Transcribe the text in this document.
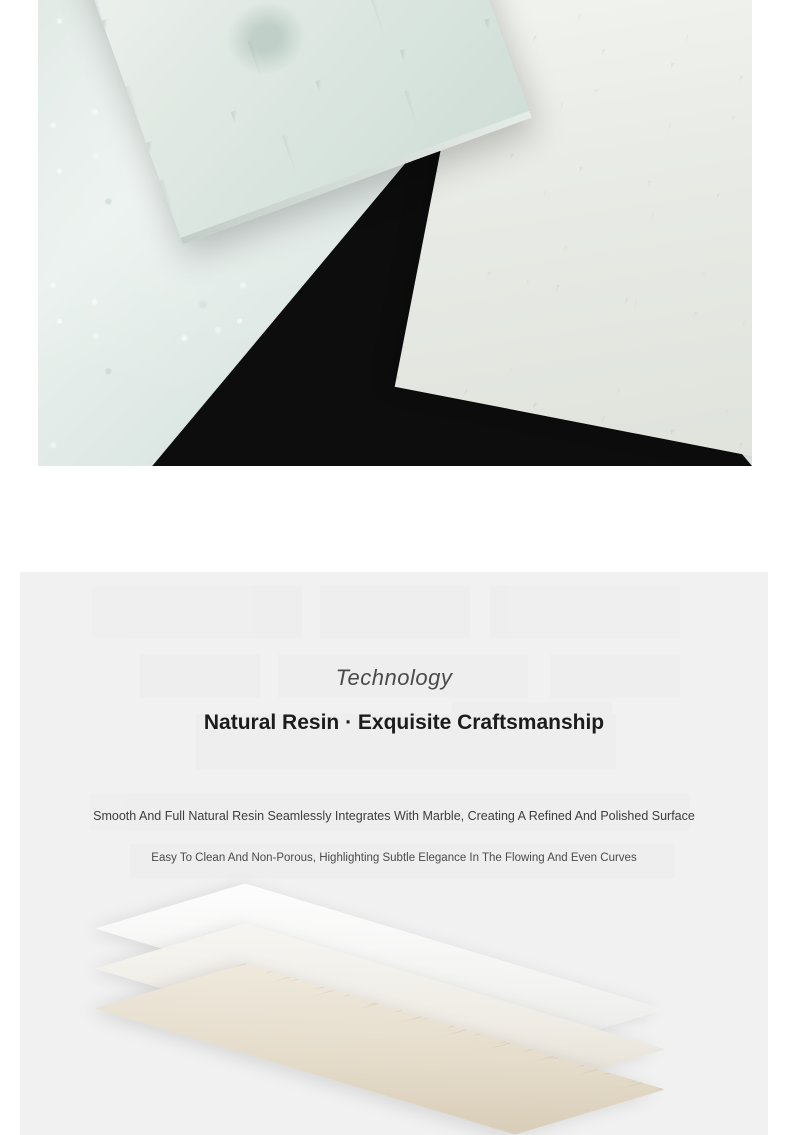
Technology
Natural Resin · Exquisite Craftsmanship
Smooth And Full Natural Resin Seamlessly Integrates With Marble, Creating A Refined And Polished Surface
Easy To Clean And Non-Porous, Highlighting Subtle Elegance In The Flowing And Even Curves
